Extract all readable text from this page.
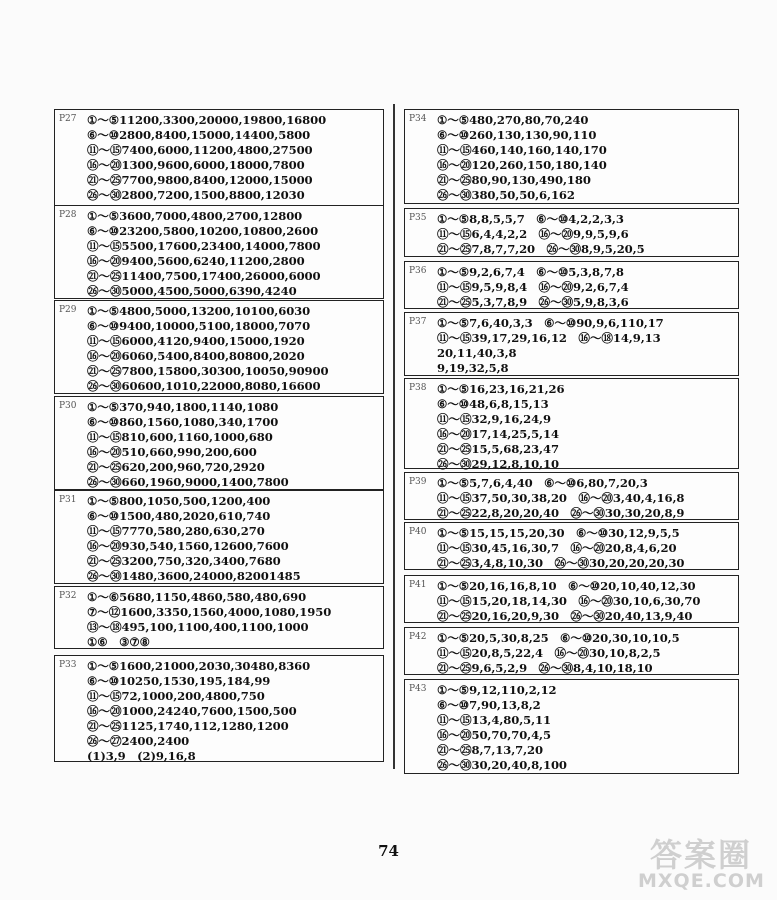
P27 ①～⑤11200,3300,20000,19800,16800
⑥～⑩2800,8400,15000,14400,5800
⑪～⑮7400,6000,11200,4800,27500
⑯～⑳1300,9600,6000,18000,7800
㉑～㉕7700,9800,8400,12000,15000
㉖～㉚2800,7200,1500,8800,12030
P28 ①～⑤3600,7000,4800,2700,12800
⑥～⑩23200,5800,10200,10800,2600
⑪～⑮5500,17600,23400,14000,7800
⑯～⑳9400,5600,6240,11200,2800
㉑～㉕11400,7500,17400,26000,6000
㉖～㉚5000,4500,5000,6390,4240
P29 ①～⑤4800,5000,13200,10100,6030
⑥～⑩9400,10000,5100,18000,7070
⑪～⑮6000,4120,9400,15000,1920
⑯～⑳6060,5400,8400,80800,2020
㉑～㉕7800,15800,30300,10050,90900
㉖～㉚60600,1010,22000,8080,16600
P30 ①～⑤370,940,1800,1140,1080
⑥～⑩860,1560,1080,340,1700
⑪～⑮810,600,1160,1000,680
⑯～⑳510,660,990,200,600
㉑～㉕620,200,960,720,2920
㉖～㉚660,1960,9000,1400,7800
P31 ①～⑤800,1050,500,1200,400
⑥～⑩1500,480,2020,610,740
⑪～⑮7770,580,280,630,270
⑯～⑳930,540,1560,12600,7600
㉑～㉕3200,750,320,3400,7680
㉖～㉚1480,3600,24000,82001485
P32 ①～⑥5680,1150,4860,580,480,690
⑦～⑫1600,3350,1560,4000,1080,1950
⑬～⑱495,100,1100,400,1100,1000
①⑥　③⑦⑧
P33 ①～⑤1600,21000,2030,30480,8360
⑥～⑩10250,1530,195,184,99
⑪～⑮72,1000,200,4800,750
⑯～⑳1000,24240,7600,1500,500
㉑～㉕1125,1740,112,1280,1200
㉖～㉗2400,2400
(1)3,9　(2)9,16,8
P34 ①～⑤480,270,80,70,240
⑥～⑩260,130,130,90,110
⑪～⑮460,140,160,140,170
⑯～⑳120,260,150,180,140
㉑～㉕80,90,130,490,180
㉖～㉚380,50,50,6,162
P35 ①～⑤8,8,5,5,7　⑥～⑩4,2,2,3,3
⑪～⑮6,4,4,2,2　⑯～⑳9,9,5,9,6
㉑～㉕7,8,7,7,20　㉖～㉚8,9,5,20,5
P36 ①～⑤9,2,6,7,4　⑥～⑩5,3,8,7,8
⑪～⑮9,5,9,8,4　⑯～⑳9,2,6,7,4
㉑～㉕5,3,7,8,9　㉖～㉚5,9,8,3,6
P37 ①～⑤7,6,40,3,3　⑥～⑩90,9,6,110,17
⑪～⑮39,17,29,16,12　⑯～⑱14,9,13
20,11,40,3,8
9,19,32,5,8
P38 ①～⑤16,23,16,21,26
⑥～⑩48,6,8,15,13
⑪～⑮32,9,16,24,9
⑯～⑳17,14,25,5,14
㉑～㉕15,5,68,23,47
㉖～㉚29,12,8,10,10
P39 ①～⑤5,7,6,4,40　⑥～⑩6,80,7,20,3
⑪～⑮37,50,30,38,20　⑯～⑳3,40,4,16,8
㉑～㉕22,8,20,20,40　㉖～㉚30,30,20,8,9
P40 ①～⑤15,15,15,20,30　⑥～⑩30,12,9,5,5
⑪～⑮30,45,16,30,7　⑯～⑳20,8,4,6,20
㉑～㉕3,4,8,10,30　㉖～㉚30,20,20,20,30
P41 ①～⑤20,16,16,8,10　⑥～⑩20,10,40,12,30
⑪～⑮15,20,18,14,30　⑯～⑳30,10,6,30,70
㉑～㉕20,16,20,9,30　㉖～㉚20,40,13,9,40
P42 ①～⑤20,5,30,8,25　⑥～⑩20,30,10,10,5
⑪～⑮20,8,5,22,4　⑯～⑳30,10,8,2,5
㉑～㉕9,6,5,2,9　㉖～㉚8,4,10,18,10
P43 ①～⑤9,12,110,2,12
⑥～⑩7,90,13,8,2
⑪～⑮13,4,80,5,11
⑯～⑳50,70,70,4,5
㉑～㉕8,7,13,7,20
㉖～㉚30,20,40,8,100
74	答案圈
MXQE.COM
